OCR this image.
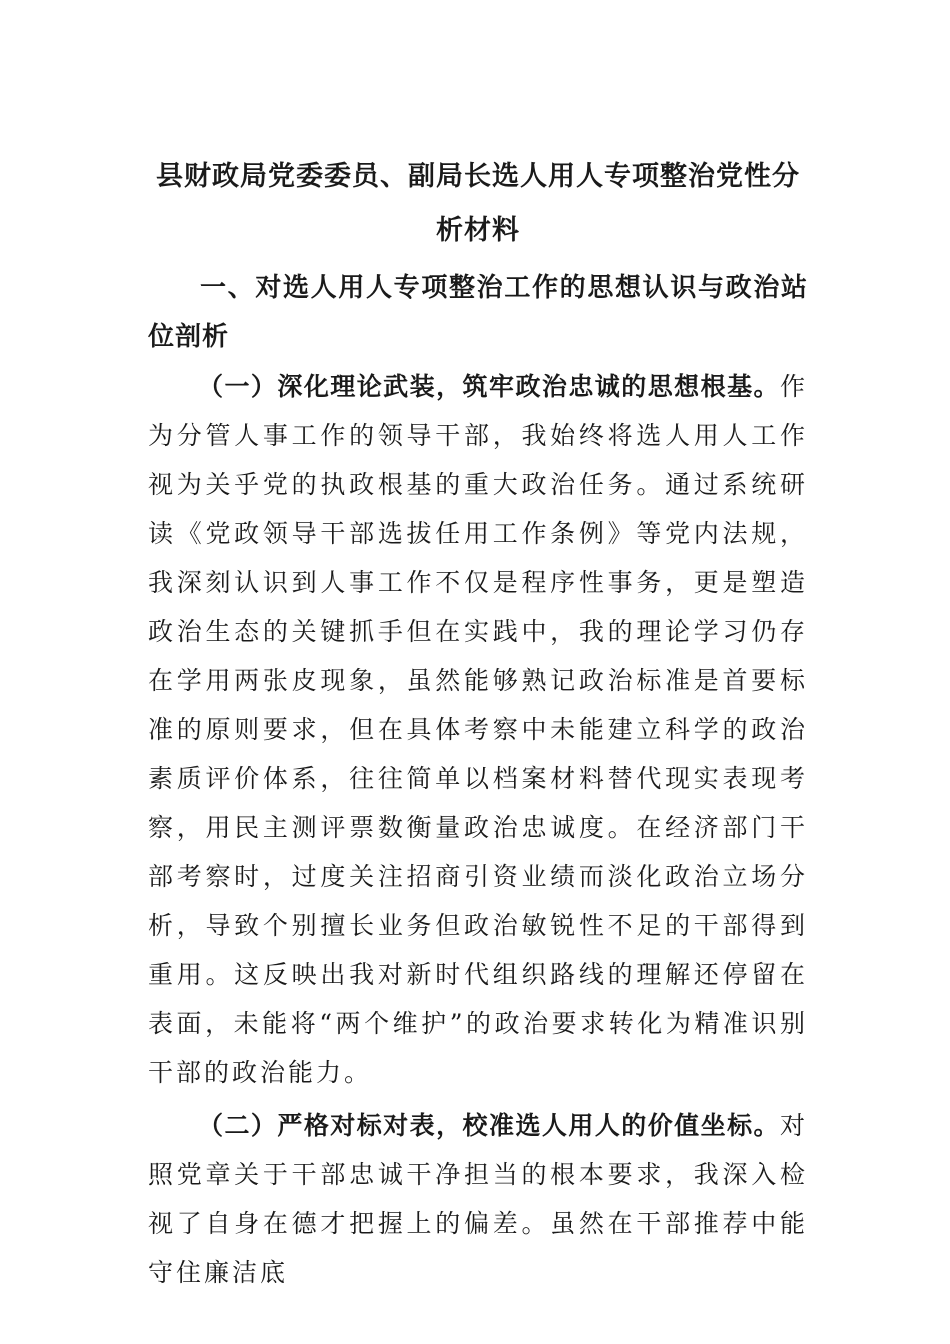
县财政局党委委员、副局长选人用人专项整治党性分析材料

一、对选人用人专项整治工作的思想认识与政治站位剖析

（一）深化理论武装，筑牢政治忠诚的思想根基。作为分管人事工作的领导干部，我始终将选人用人工作视为关乎党的执政根基的重大政治任务。通过系统研读《党政领导干部选拔任用工作条例》等党内法规，我深刻认识到人事工作不仅是程序性事务，更是塑造政治生态的关键抓手但在实践中，我的理论学习仍存在学用两张皮现象，虽然能够熟记政治标准是首要标准的原则要求，但在具体考察中未能建立科学的政治素质评价体系，往往简单以档案材料替代现实表现考察，用民主测评票数衡量政治忠诚度。在经济部门干部考察时，过度关注招商引资业绩而淡化政治立场分析，导致个别擅长业务但政治敏锐性不足的干部得到重用。这反映出我对新时代组织路线的理解还停留在表面，未能将“两个维护”的政治要求转化为精准识别干部的政治能力。

（二）严格对标对表，校准选人用人的价值坐标。对照党章关于干部忠诚干净担当的根本要求，我深入检视了自身在德才把握上的偏差。虽然在干部推荐中能守住廉洁底
